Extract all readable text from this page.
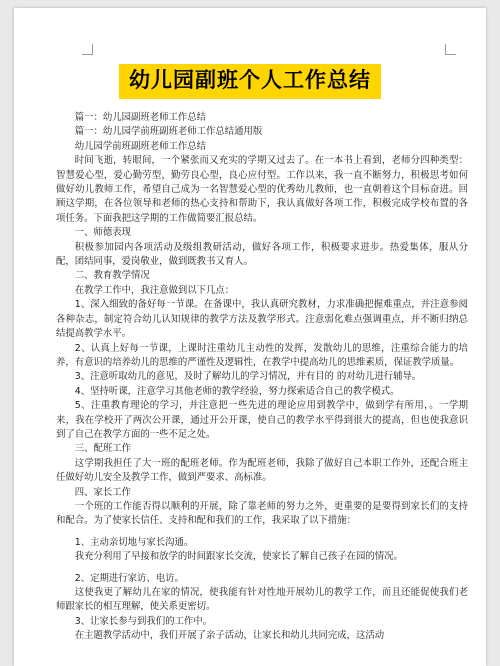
幼儿园副班个人工作总结

篇一：幼儿园副班老师工作总结

篇一：幼儿园学前班副班老师工作总结通用版

幼儿园学前班副班老师工作总结

时间飞逝，转眼间，一个紧张而又充实的学期又过去了。在一本书上看到，老师分四种类型：智慧爱心型，爱心勤劳型，勤劳良心型，良心应付型。工作以来，我一直不断努力，积极思考如何做好幼儿教师工作，希望自己成为一名智慧爱心型的优秀幼儿教师，也一直朝着这个目标奋进。回顾这学期，在各位领导和老师的热心支持和帮助下，我认真做好各项工作，积极完成学校布置的各项任务。下面我把这学期的工作做简要汇报总结。

一、师德表现

积极参加园内各项活动及级组教研活动，做好各项工作，积极要求进步。热爱集体，服从分配，团结同事，爱岗敬业，做到既教书又育人。

二、教育教学情况

在教学工作中，我注意做到以下几点：

1、深入细致的备好每一节课。在备课中，我认真研究教材，力求准确把握难重点，并注意参阅各种杂志，制定符合幼儿认知规律的教学方法及教学形式。注意弱化难点强调重点，并不断归纳总结提高教学水平。

2、认真上好每一节课，上课时注重幼儿主动性的发挥，发散幼儿的思维，注重综合能力的培养，有意识的培养幼儿的思维的严谨性及逻辑性，在教学中提高幼儿的思维素质，保证教学质量。

3、注意听取幼儿的意见，及时了解幼儿的学习情况，并有目的 的对幼儿进行辅导。

4、坚持听课，注意学习其他老师的教学经验，努力探索适合自己的教学模式。

5、注重教育理论的学习，并注意把一些先进的理论应用到教学中，做到学有所用，。一学期来，我在学校开了两次公开课，通过开公开课，使自己的教学水平得到很大的提高，但也使我意识到了自己在教学方面的一些不足之处。

三、配班工作

这学期我担任了大一班的配班老师。作为配班老师，我除了做好自己本职工作外，还配合班主任做好幼儿安全及教学工作，做到严要求、高标准。

四、家长工作

一个班的工作能否得以顺利的开展，除了靠老师的努力之外，更重要的是要得到家长们的支持和配合。为了使家长信任、支持和配和我们的工作，我采取了以下措施：

1、主动亲切地与家长沟通。

我充分利用了早接和放学的时间跟家长交流，使家长了解自己孩子在园的情况。

2、定期进行家访、电访。

这使我更了解幼儿在家的情况，使我能有针对性地开展幼儿的教学工作，而且还能促使我们老师跟家长的相互理解，使关系更密切。

3、让家长参与到我们的工作中。

在主题教学活动中，我们开展了亲子活动，让家长和幼儿共同完成，这活动
